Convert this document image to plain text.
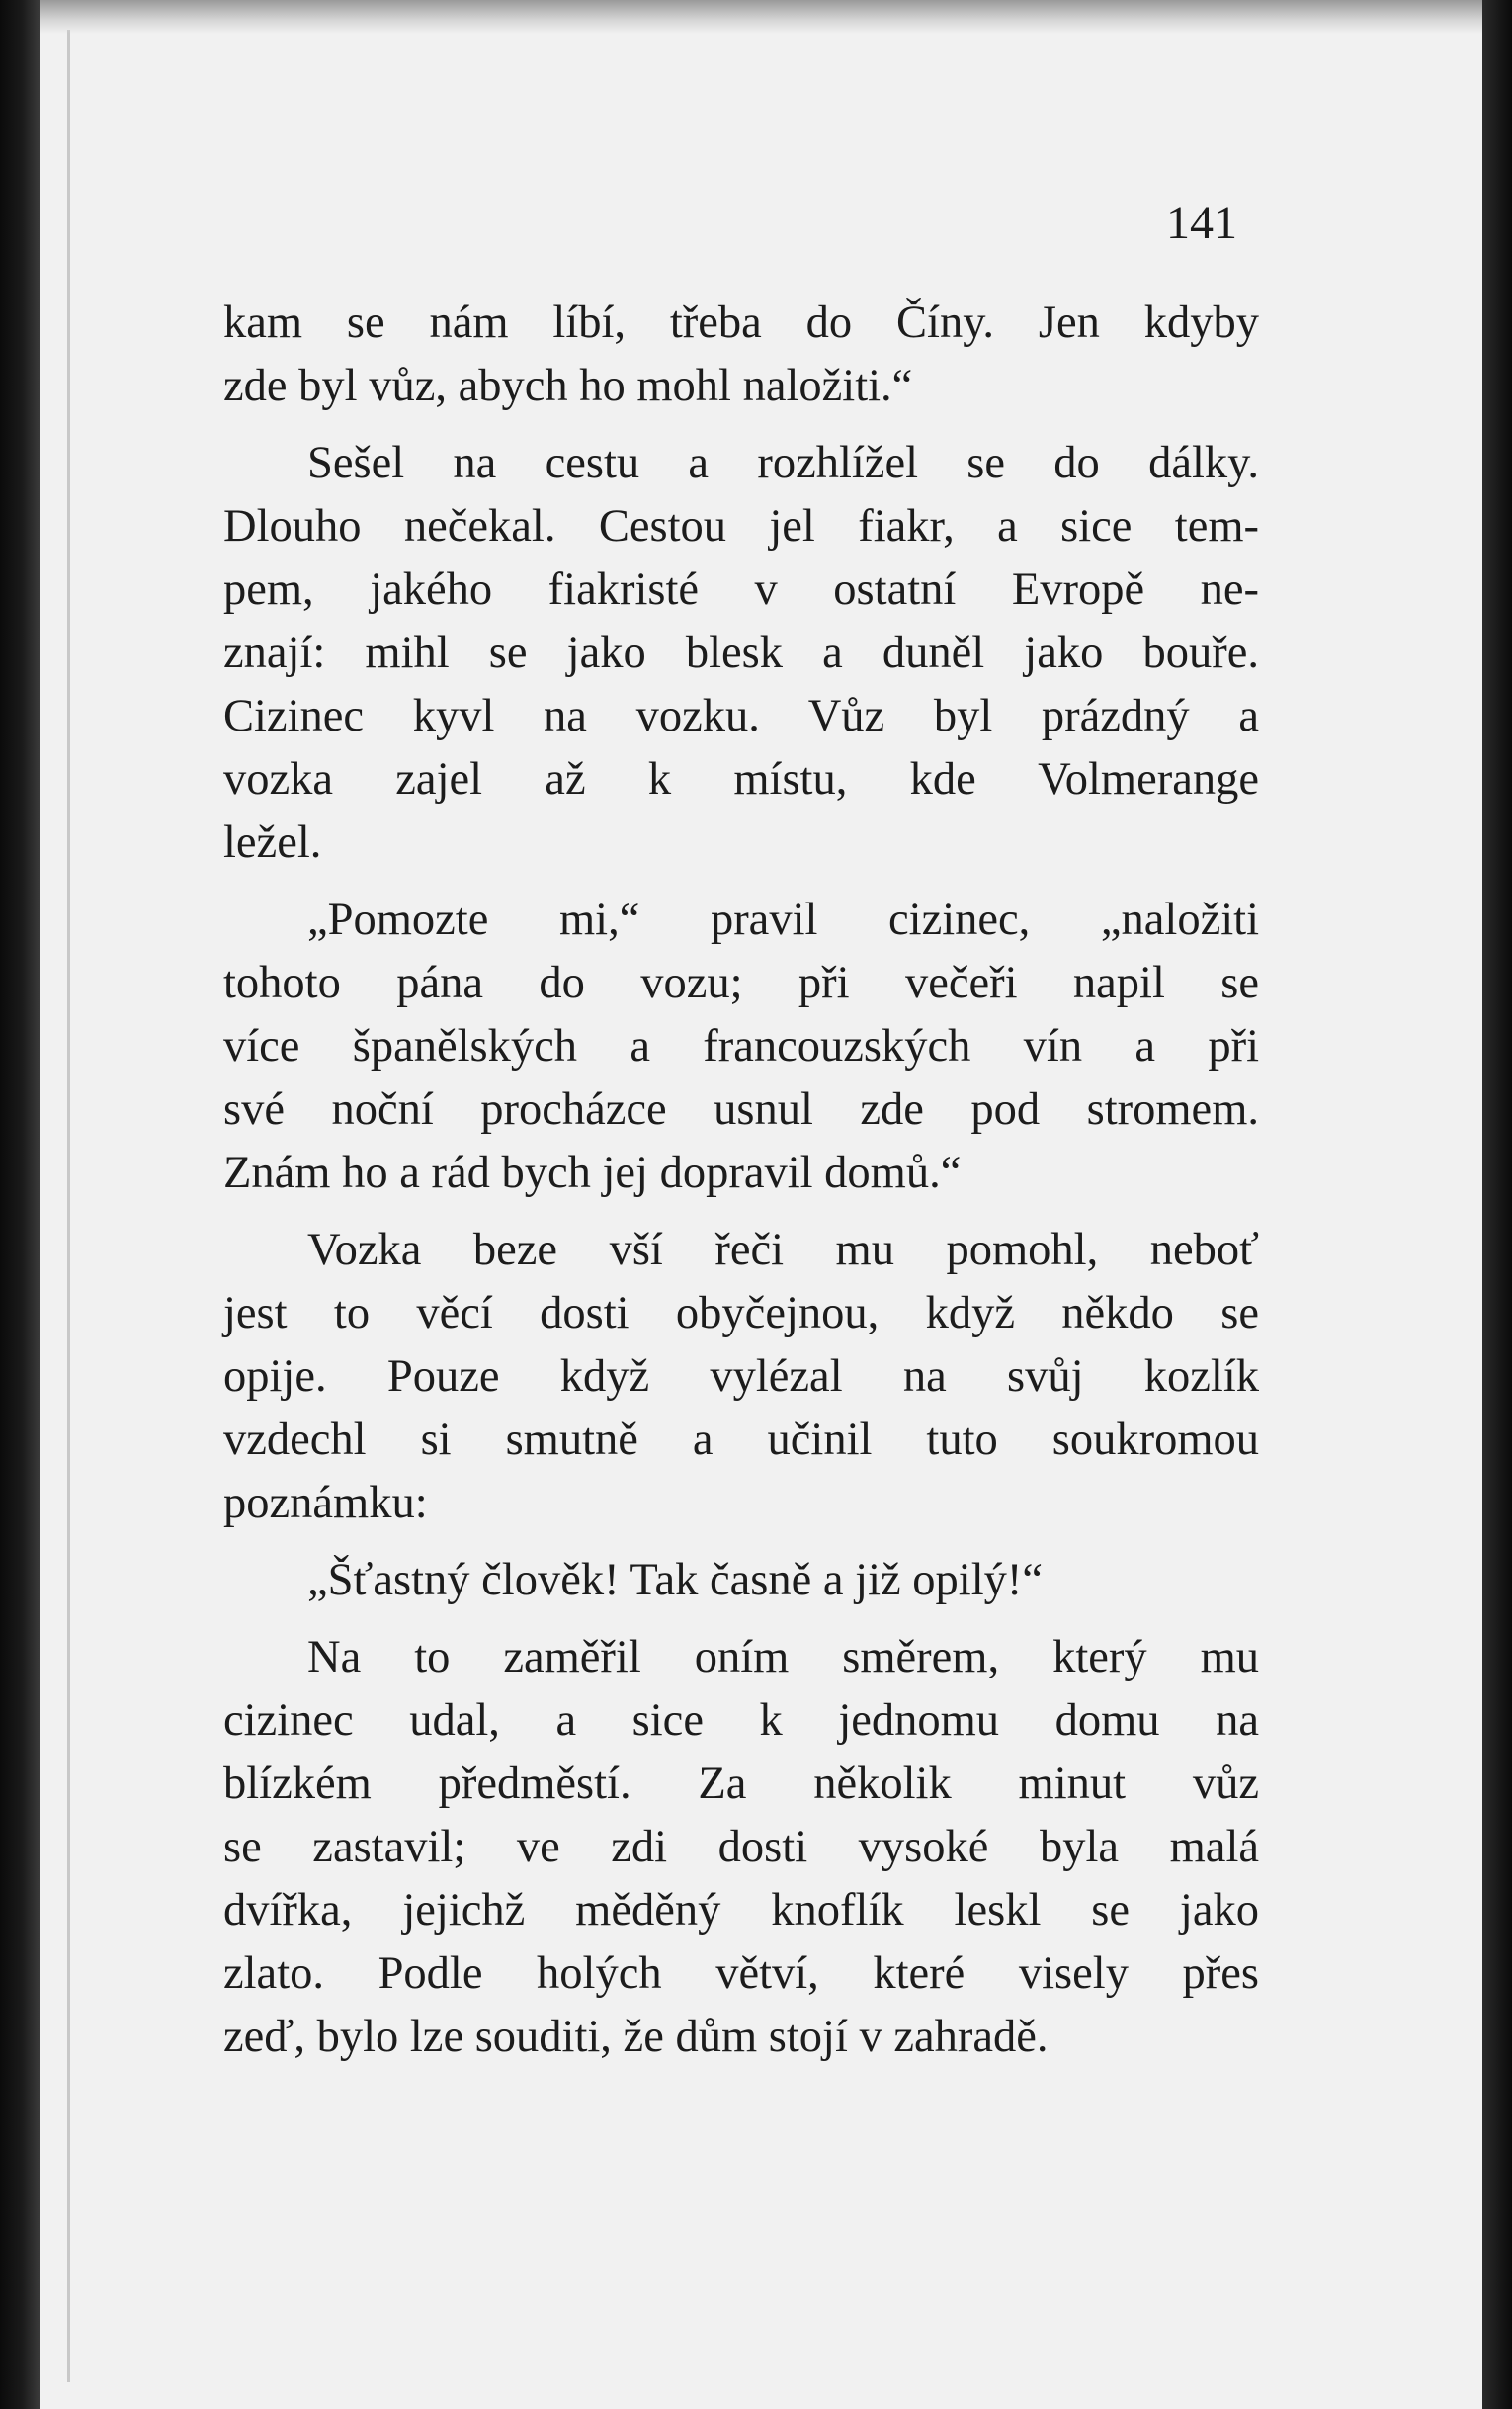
141
kam se nám líbí, třeba do Číny. Jen kdyby
zde byl vůz, abych ho mohl naložiti.“
Sešel na cestu a rozhlížel se do dálky.
Dlouho nečekal. Cestou jel fiakr, a sice tem-
pem, jakého fiakristé v ostatní Evropě ne-
znají: mihl se jako blesk a duněl jako bouře.
Cizinec kyvl na vozku. Vůz byl prázdný a
vozka zajel až k místu, kde Volmerange
ležel.
„Pomozte mi,“ pravil cizinec, „naložiti
tohoto pána do vozu; při večeři napil se
více španělských a francouzských vín a při
své noční procházce usnul zde pod stromem.
Znám ho a rád bych jej dopravil domů.“
Vozka beze vší řeči mu pomohl, neboť
jest to věcí dosti obyčejnou, když někdo se
opije. Pouze když vylézal na svůj kozlík
vzdechl si smutně a učinil tuto soukromou
poznámku:
„Šťastný člověk! Tak časně a již opilý!“
Na to zaměřil oním směrem, který mu
cizinec udal, a sice k jednomu domu na
blízkém předměstí. Za několik minut vůz
se zastavil; ve zdi dosti vysoké byla malá
dvířka, jejichž měděný knoflík leskl se jako
zlato. Podle holých větví, které visely přes
zeď, bylo lze souditi, že dům stojí v zahradě.
